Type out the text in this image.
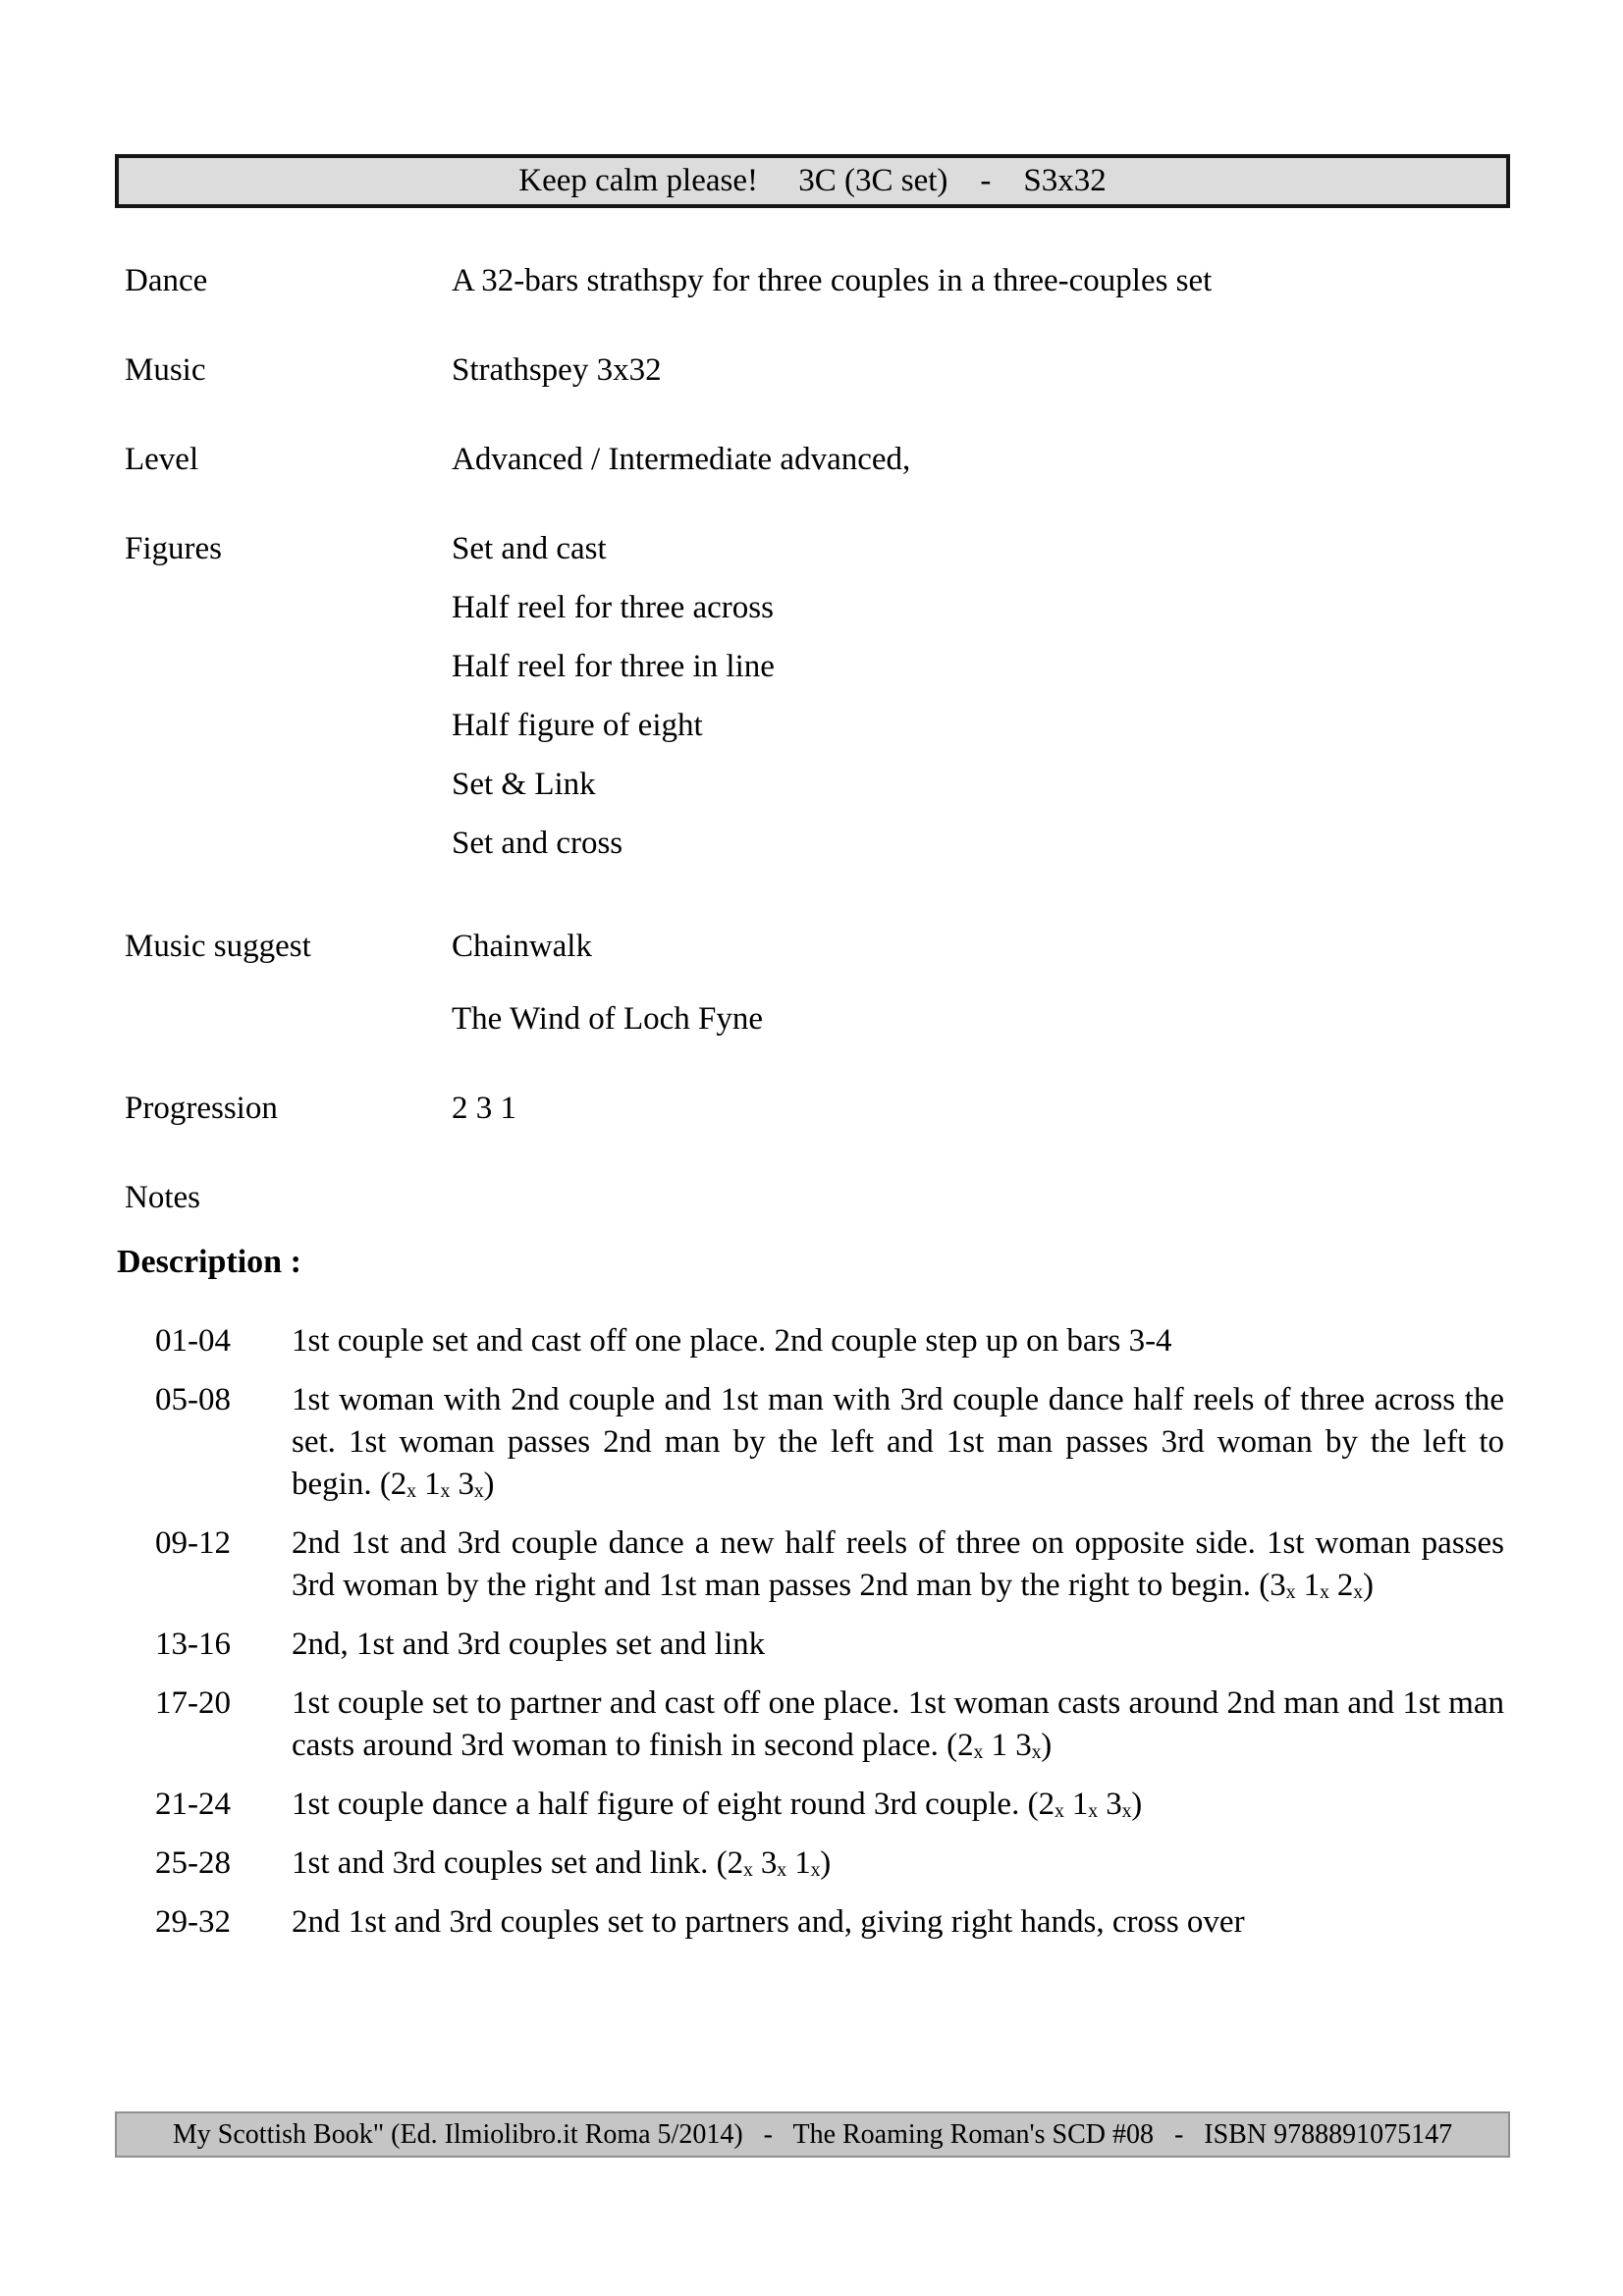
Keep calm please!     3C (3C set)    -    S3x32
Dance	A 32-bars strathspy for three couples in a three-couples set
Music	Strathspey 3x32
Level	Advanced / Intermediate advanced,
Figures	Set and cast
Half reel for three across
Half reel for three in line
Half figure of eight
Set & Link
Set and cross
Music suggest	Chainwalk
The Wind of Loch Fyne
Progression	2 3 1
Notes
Description :
01-04	1st couple set and cast off one place. 2nd couple step up on bars 3-4
05-08	1st woman with 2nd couple and 1st man with 3rd couple dance half reels of three across the set. 1st woman passes 2nd man by the left and 1st man passes 3rd woman by the left to begin. (2ₓ 1ₓ 3ₓ)
09-12	2nd 1st and 3rd couple dance a new half reels of three on opposite side. 1st woman passes 3rd woman by the right and 1st man passes 2nd man by the right to begin. (3ₓ 1ₓ 2ₓ)
13-16	2nd, 1st and 3rd couples set and link
17-20	1st couple set to partner and cast off one place. 1st woman casts around 2nd man and 1st man casts around 3rd woman to finish in second place. (2ₓ 1 3ₓ)
21-24	1st couple dance a half figure of eight round 3rd couple. (2ₓ 1ₓ 3ₓ)
25-28	1st and 3rd couples set and link. (2ₓ 3ₓ 1ₓ)
29-32	2nd 1st and 3rd couples set to partners and, giving right hands, cross over
My Scottish Book" (Ed. Ilmiolibro.it Roma 5/2014)   -   The Roaming Roman's SCD #08   -   ISBN 9788891075147
